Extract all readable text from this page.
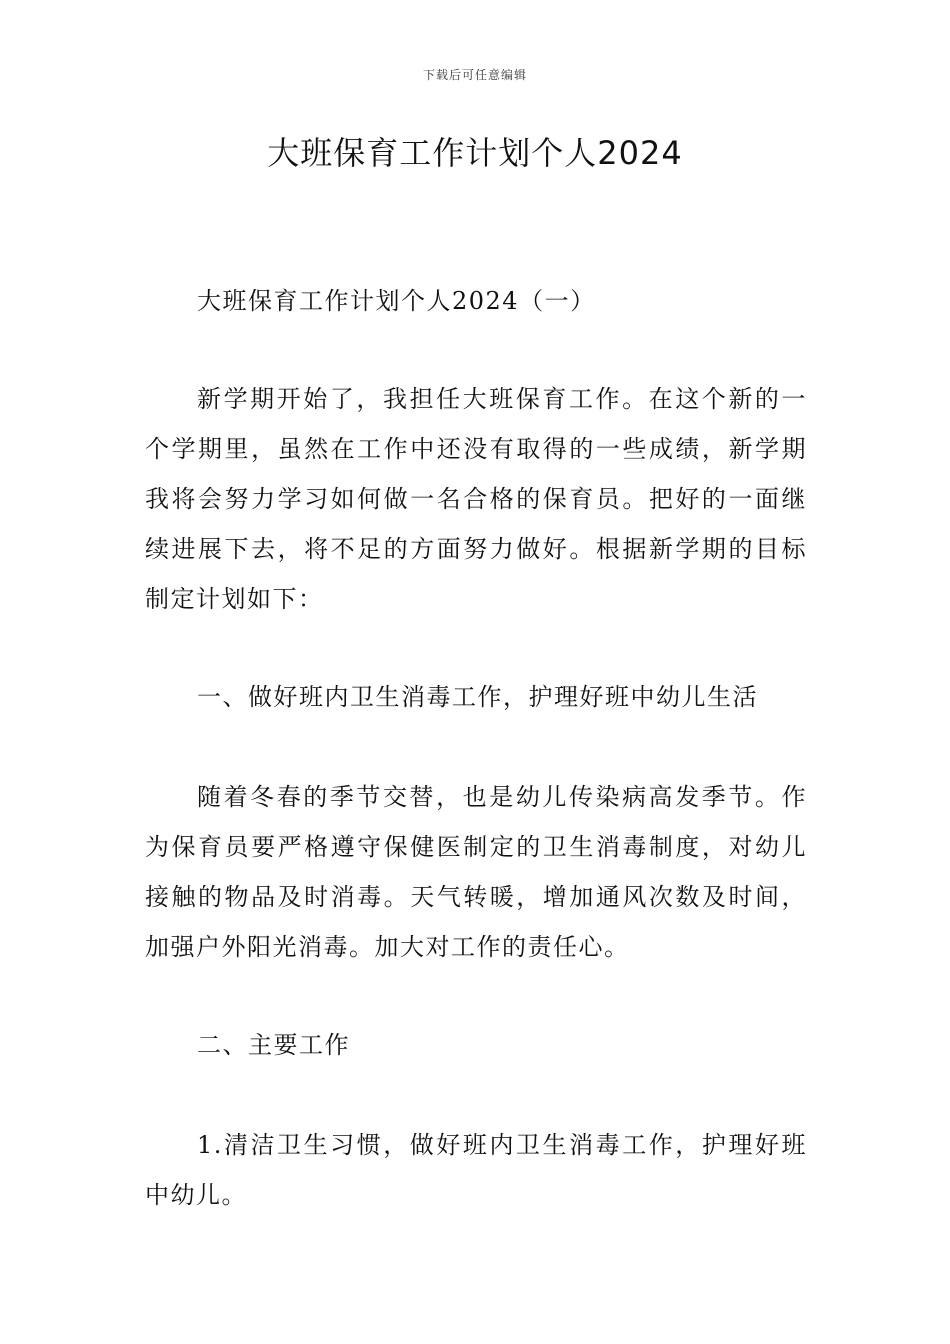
下载后可任意编辑
大班保育工作计划个人2024

大班保育工作计划个人2024（一）

新学期开始了，我担任大班保育工作。在这个新的一个学期里，虽然在工作中还没有取得的一些成绩，新学期我将会努力学习如何做一名合格的保育员。把好的一面继续进展下去，将不足的方面努力做好。根据新学期的目标制定计划如下：

一、做好班内卫生消毒工作，护理好班中幼儿生活

随着冬春的季节交替，也是幼儿传染病高发季节。作为保育员要严格遵守保健医制定的卫生消毒制度，对幼儿接触的物品及时消毒。天气转暖，增加通风次数及时间，加强户外阳光消毒。加大对工作的责任心。

二、主要工作

1.清洁卫生习惯，做好班内卫生消毒工作，护理好班中幼儿。
